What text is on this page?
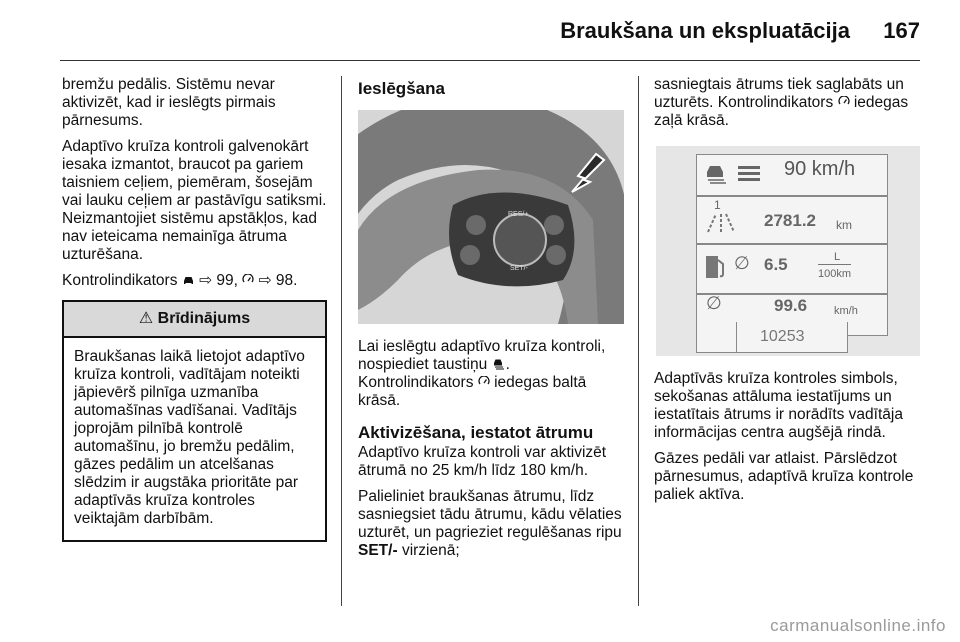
Braukšana un ekspluatācija 167

bremžu pedālis. Sistēmu nevar aktivizēt, kad ir ieslēgts pirmais pārnesums.

Adaptīvo kruīza kontroli galvenokārt iesaka izmantot, braucot pa gariem taisniem ceļiem, piemēram, šosejām vai lauku ceļiem ar pastāvīgu satiksmi. Neizmantojiet sistēmu apstākļos, kad nav ieteicama nemainīga ātruma uzturēšana.

Kontrolindikators ⇨ 99, ⇨ 98.

⚠ Brīdinājums
Braukšanas laikā lietojot adaptīvo kruīza kontroli, vadītājam noteikti jāpievērš pilnīga uzmanība automašīnas vadīšanai. Vadītājs joprojām pilnībā kontrolē automašīnu, jo bremžu pedālim, gāzes pedālim un atcelšanas slēdzim ir augstāka prioritāte par adaptīvās kruīza kontroles veiktajām darbībām.
Ieslēgšana
RES/+
SET/-

Lai ieslēgtu adaptīvo kruīza kontroli, nospiediet taustiņu .
Kontrolindikators iedegas baltā krāsā.

Aktivizēšana, iestatot ātrumu

Adaptīvo kruīza kontroli var aktivizēt ātrumā no 25 km/h līdz 180 km/h.

Palieliniet braukšanas ātrumu, līdz sasniegsiet tādu ātrumu, kādu vēlaties uzturēt, un pagrieziet regulēšanas ripu SET/- virzienā;

sasniegtais ātrums tiek saglabāts un uzturēts. Kontrolindikators iedegas zaļā krāsā.

90 km/h
1
2781.2 km
∅ 6.5	L
100km
∅	99.6 km/h
10253

Adaptīvās kruīza kontroles simbols, sekošanas attāluma iestatījums un iestatītais ātrums ir norādīts vadītāja informācijas centra augšējā rindā.

Gāzes pedāli var atlaist. Pārslēdzot pārnesumus, adaptīvā kruīza kontrole paliek aktīva.

carmanualsonline.info
